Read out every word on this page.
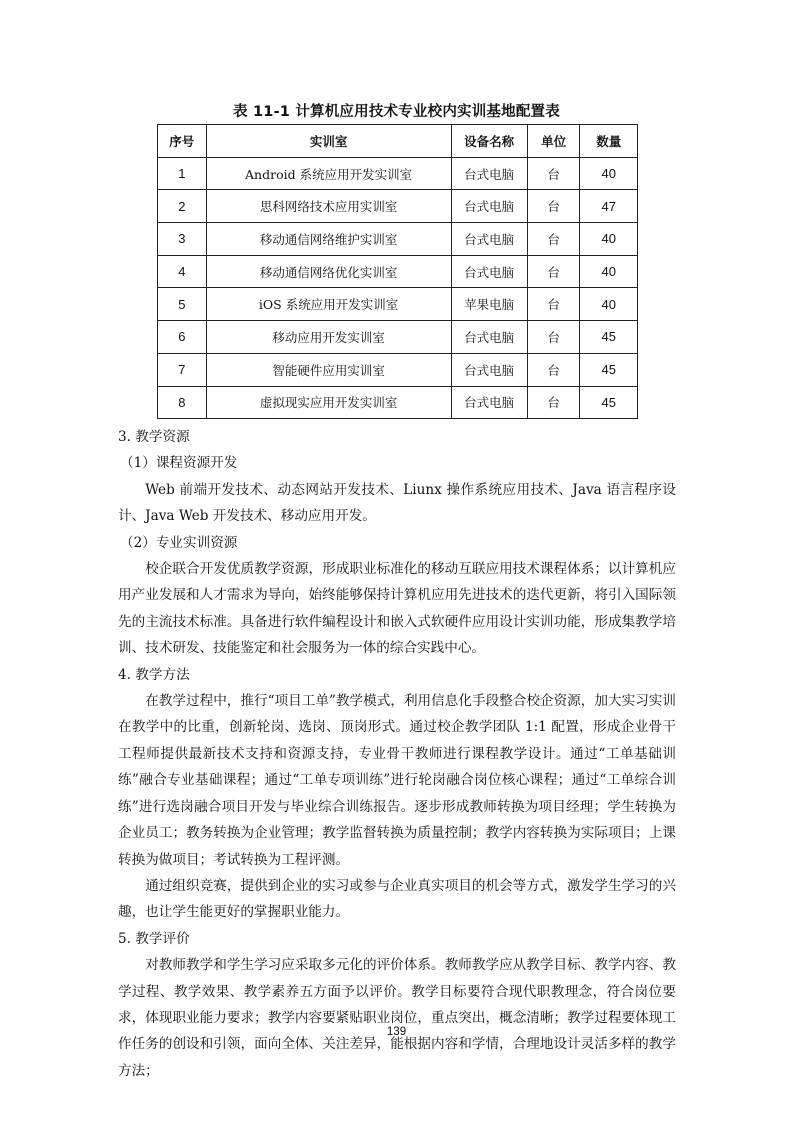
表 11-1 计算机应用技术专业校内实训基地配置表
序号	实训室	设备名称	单位	数量
1	Android 系统应用开发实训室	台式电脑	台	40
2	思科网络技术应用实训室	台式电脑	台	47
3	移动通信网络维护实训室	台式电脑	台	40
4	移动通信网络优化实训室	台式电脑	台	40
5	iOS 系统应用开发实训室	苹果电脑	台	40
6	移动应用开发实训室	台式电脑	台	45
7	智能硬件应用实训室	台式电脑	台	45
8	虚拟现实应用开发实训室	台式电脑	台	45

3. 教学资源

（1）课程资源开发

Web 前端开发技术、动态网站开发技术、Liunx 操作系统应用技术、Java 语言程序设计、Java Web 开发技术、移动应用开发。

（2）专业实训资源

校企联合开发优质教学资源，形成职业标准化的移动互联应用技术课程体系；以计算机应用产业发展和人才需求为导向，始终能够保持计算机应用先进技术的迭代更新，将引入国际领先的主流技术标准。具备进行软件编程设计和嵌入式软硬件应用设计实训功能，形成集教学培训、技术研发、技能鉴定和社会服务为一体的综合实践中心。

4. 教学方法

在教学过程中，推行“项目工单”教学模式，利用信息化手段整合校企资源，加大实习实训在教学中的比重，创新轮岗、选岗、顶岗形式。通过校企教学团队 1:1 配置，形成企业骨干工程师提供最新技术支持和资源支持，专业骨干教师进行课程教学设计。通过“工单基础训练”融合专业基础课程；通过“工单专项训练”进行轮岗融合岗位核心课程；通过“工单综合训练”进行选岗融合项目开发与毕业综合训练报告。逐步形成教师转换为项目经理；学生转换为企业员工；教务转换为企业管理；教学监督转换为质量控制；教学内容转换为实际项目；上课转换为做项目；考试转换为工程评测。

通过组织竞赛，提供到企业的实习或参与企业真实项目的机会等方式，激发学生学习的兴趣，也让学生能更好的掌握职业能力。

5. 教学评价

对教师教学和学生学习应采取多元化的评价体系。教师教学应从教学目标、教学内容、教学过程、教学效果、教学素养五方面予以评价。教学目标要符合现代职教理念，符合岗位要求，体现职业能力要求；教学内容要紧贴职业岗位，重点突出，概念清晰；教学过程要体现工作任务的创设和引领，面向全体、关注差异，能根据内容和学情，合理地设计灵活多样的教学方法；

139
